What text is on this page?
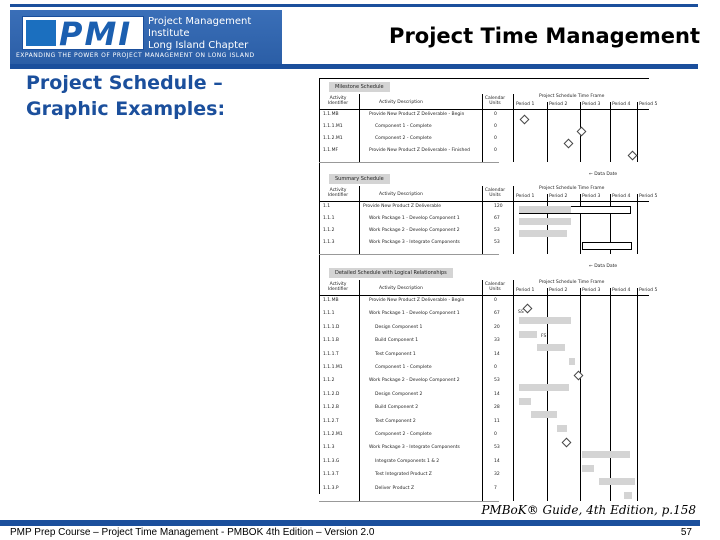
PMI Project Management Institute
Long Island Chapter
EXPANDING THE POWER OF PROJECT MANAGEMENT ON LONG ISLAND
Project Time Management
Project Schedule –
Graphic Examples:
Milestone Schedule
Activity Identifier	Activity Description
Calendar Units
Project Schedule Time Frame
Period 1	Period 2	Period 3	Period 4 Period 5
1.1.MB	Provide New Product Z Deliverable - Begin	0
1.1.1.M1	Component 1 - Complete	0
1.1.2.M1	Component 2 - Complete	0
1.1.MF	Provide New Product Z Deliverable - Finished	0
Summary Schedule
Activity Identifier	Activity Description
Calendar Units
Project Schedule Time Frame
Period 1	Period 2	Period 3	Period 4 Period 5
1.1	Provide New Product Z Deliverable	120
1.1.1	Work Package 1 - Develop Component 1	67
1.1.2	Work Package 2 - Develop Component 2	53
1.1.3	Work Package 3 - Integrate Components	53
Detailed Schedule with Logical Relationships
Activity Identifier	Activity Description
Calendar Units
Project Schedule Time Frame
Period 1	Period 2	Period 3	Period 4 Period 5
1.1.MB	Provide New Product Z Deliverable - Begin	0
1.1.1	Work Package 1 - Develop Component 1	67
1.1.1.D	Design Component 1	20
1.1.1.B	Build Component 1	33
1.1.1.T	Test Component 1	14
1.1.1.M1	Component 1 - Complete	0
1.1.2	Work Package 2 - Develop Component 2	53
1.1.2.D	Design Component 2	14
1.1.2.B	Build Component 2	28
1.1.2.T	Test Component 2	11
1.1.2.M1	Component 2 - Complete	0
1.1.3	Work Package 3 - Integrate Components	53
1.1.3.G	Integrate Components 1 & 2	14
1.1.3.T	Test Integrated Product Z	32
1.1.3.P	Deliver Product Z	7
← Data Date
← Data Date
SS
FS
PMBoK® Guide, 4th Edition, p.158
PMP Prep Course – Project Time Management - PMBOK 4th Edition – Version 2.0	57
